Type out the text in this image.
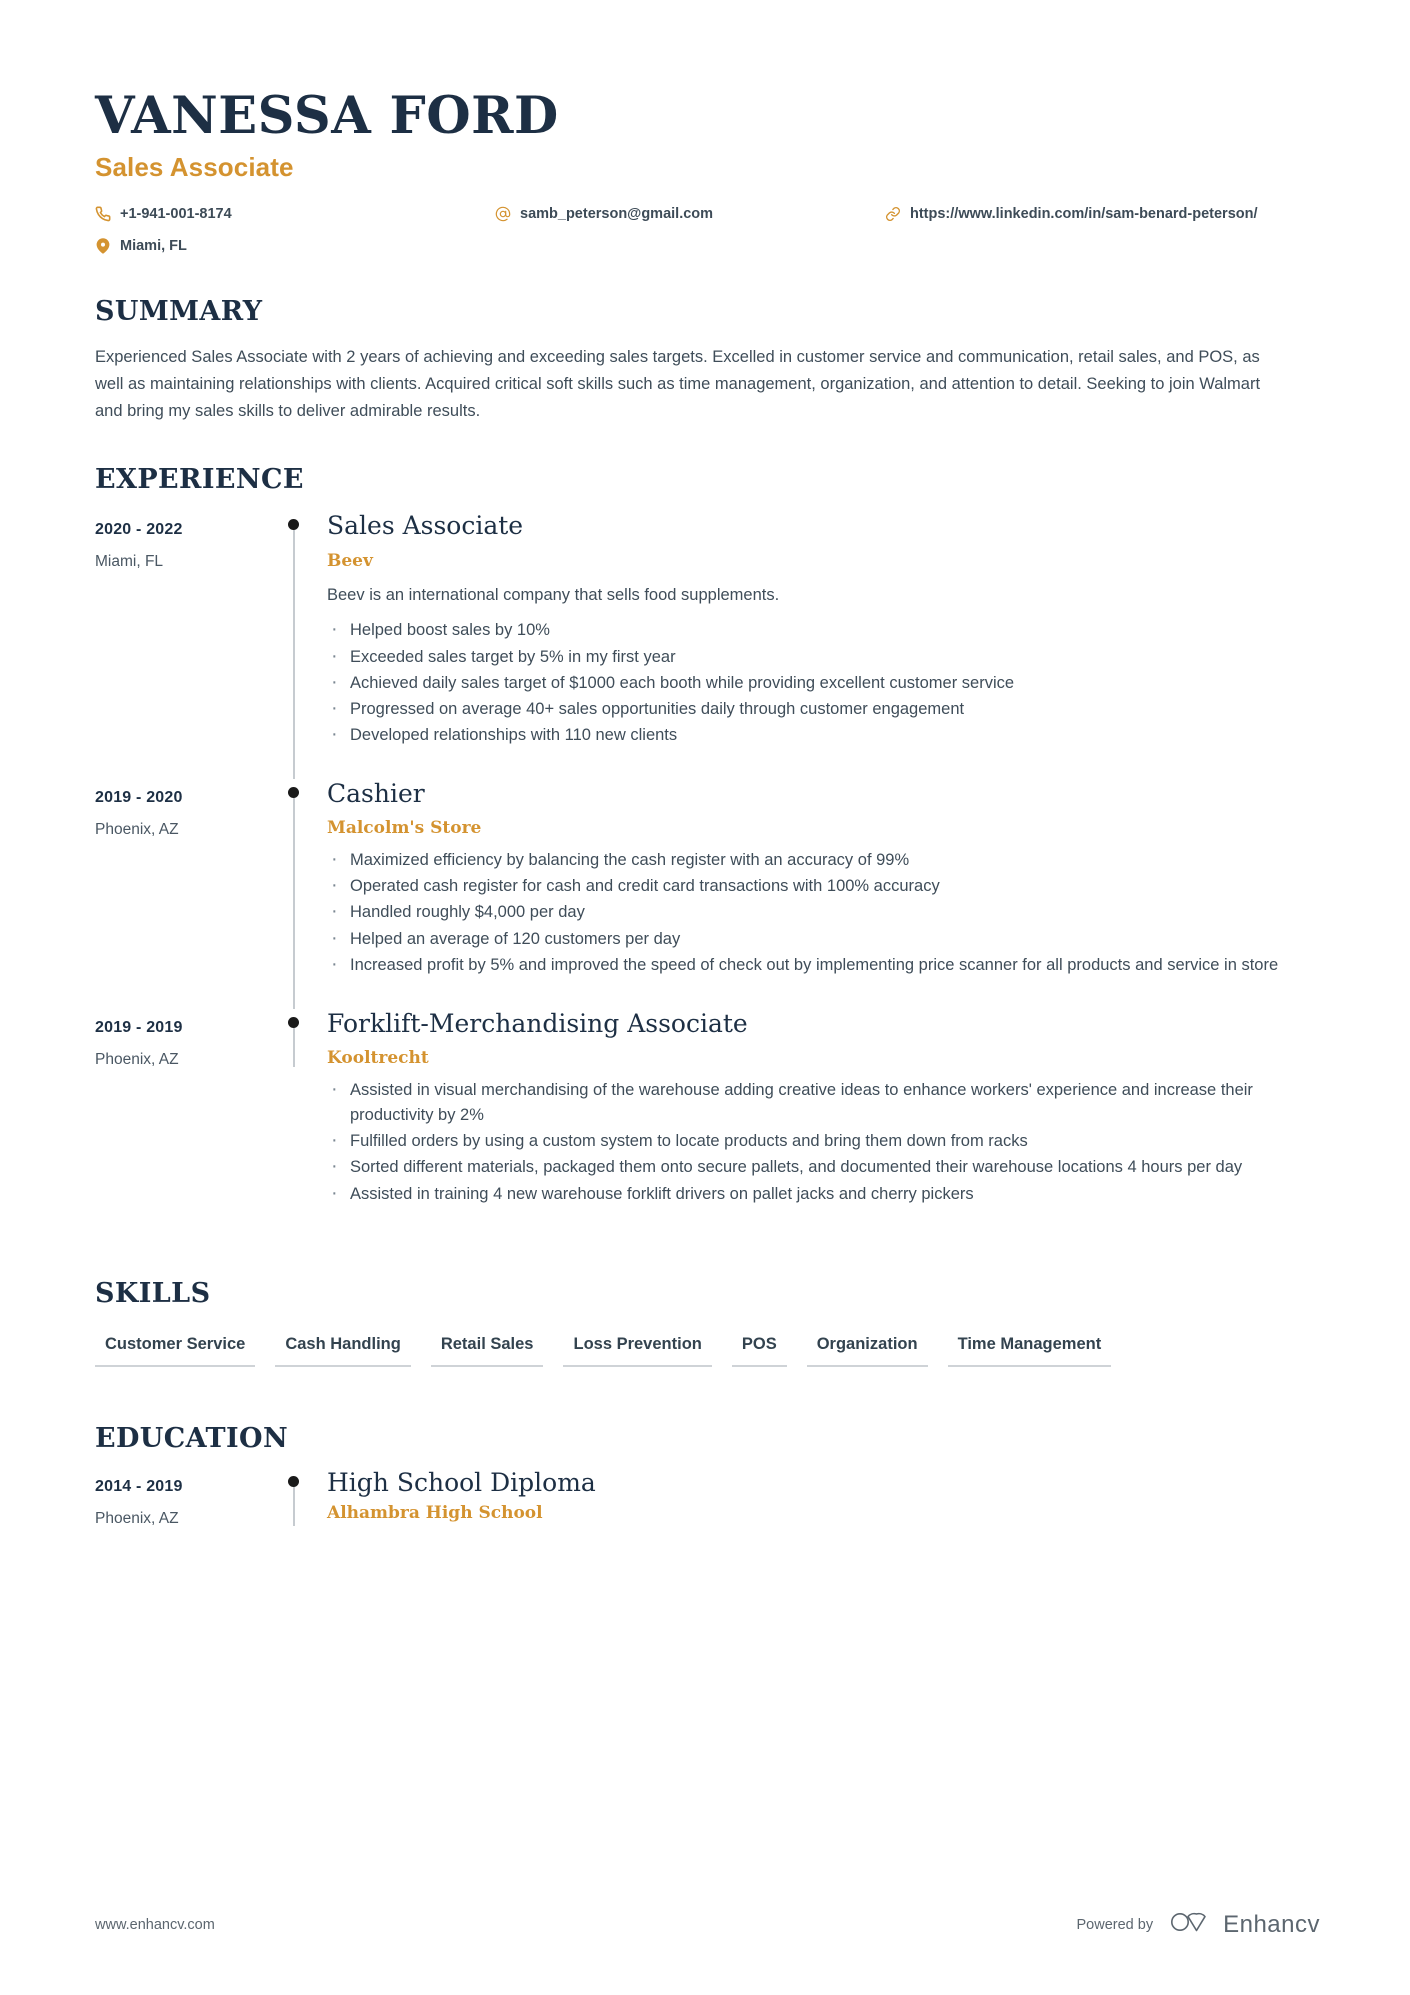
VANESSA FORD
Sales Associate
+1-941-001-8174	samb_peterson@gmail.com	https://www.linkedin.com/in/sam-benard-peterson/
Miami, FL
SUMMARY
Experienced Sales Associate with 2 years of achieving and exceeding sales targets. Excelled in customer service and communication, retail sales, and POS, as well as maintaining relationships with clients. Acquired critical soft skills such as time management, organization, and attention to detail. Seeking to join Walmart and bring my sales skills to deliver admirable results.
EXPERIENCE
2020 - 2022
Miami, FL
Sales Associate
Beev
Beev is an international company that sells food supplements.
· Helped boost sales by 10%
· Exceeded sales target by 5% in my first year
· Achieved daily sales target of $1000 each booth while providing excellent customer service
· Progressed on average 40+ sales opportunities daily through customer engagement
· Developed relationships with 110 new clients
2019 - 2020
Phoenix, AZ
Cashier
Malcolm's Store
· Maximized efficiency by balancing the cash register with an accuracy of 99%
· Operated cash register for cash and credit card transactions with 100% accuracy
· Handled roughly $4,000 per day
· Helped an average of 120 customers per day
· Increased profit by 5% and improved the speed of check out by implementing price scanner for all products and service in store
2019 - 2019
Phoenix, AZ
Forklift-Merchandising Associate
Kooltrecht
· Assisted in visual merchandising of the warehouse adding creative ideas to enhance workers' experience and increase their productivity by 2%
· Fulfilled orders by using a custom system to locate products and bring them down from racks
· Sorted different materials, packaged them onto secure pallets, and documented their warehouse locations 4 hours per day
· Assisted in training 4 new warehouse forklift drivers on pallet jacks and cherry pickers
SKILLS
Customer Service	Cash Handling	Retail Sales	Loss Prevention	POS	Organization	Time Management
EDUCATION
2014 - 2019
Phoenix, AZ
High School Diploma
Alhambra High School
www.enhancv.com	Powered by	Enhancv
